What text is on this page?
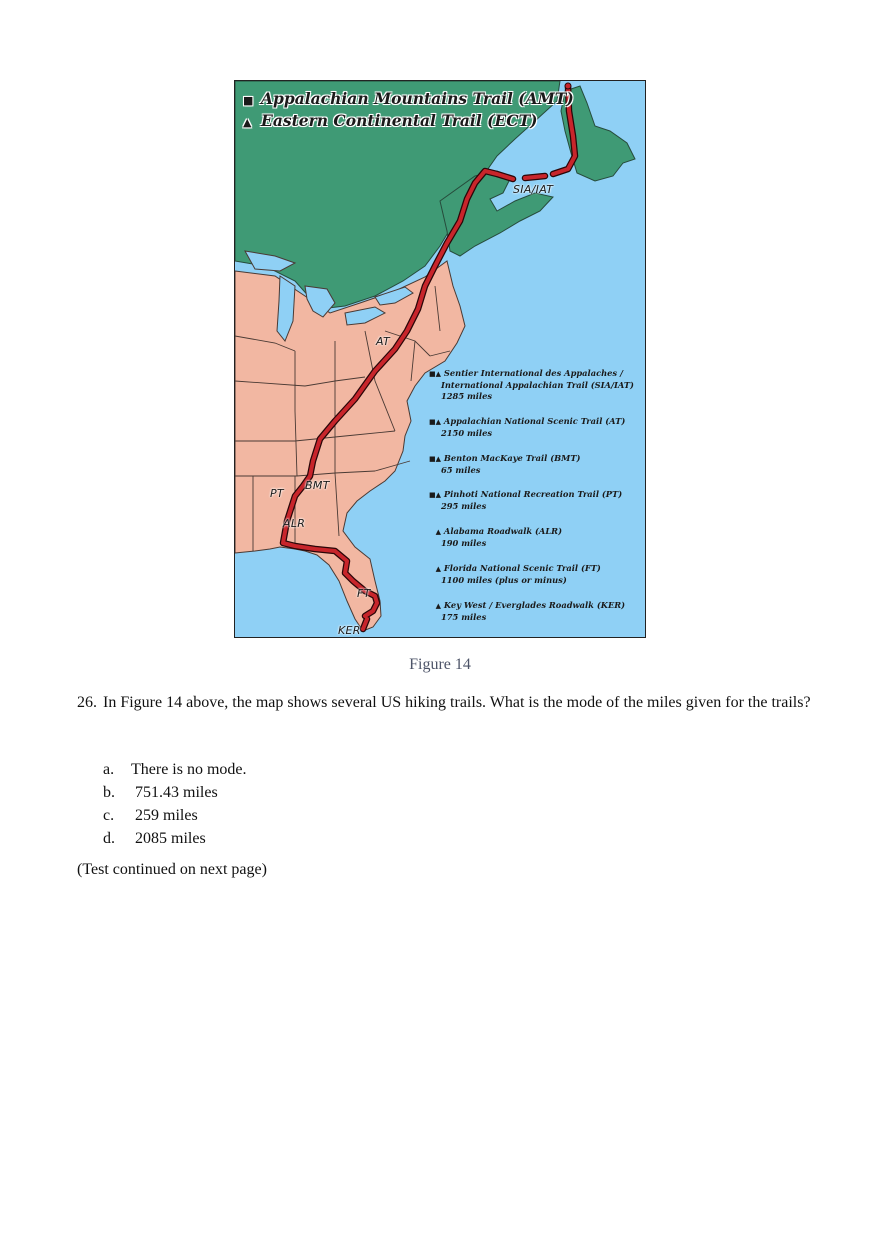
■ Appalachian Mountains Trail (AMT)
▲ Eastern Continental Trail (ECT)
SIA/IAT
AT
BMT
PT
ALR
FT
KER
■▲ Sentier International des Appalaches /
International Appalachian Trail (SIA/IAT)
1285 miles
■▲ Appalachian National Scenic Trail (AT)
2150 miles
■▲ Benton MacKaye Trail (BMT)
65 miles
■▲ Pinhoti National Recreation Trail (PT)
295 miles
▲ Alabama Roadwalk (ALR)
190 miles
▲ Florida National Scenic Trail (FT)
1100 miles (plus or minus)
▲ Key West / Everglades Roadwalk (KER)
175 miles
Figure 14
26. In Figure 14 above, the map shows several US hiking trails. What is the mode of the miles given for the trails?
a. There is no mode.
b. 751.43 miles
c. 259 miles
d. 2085 miles
(Test continued on next page)
